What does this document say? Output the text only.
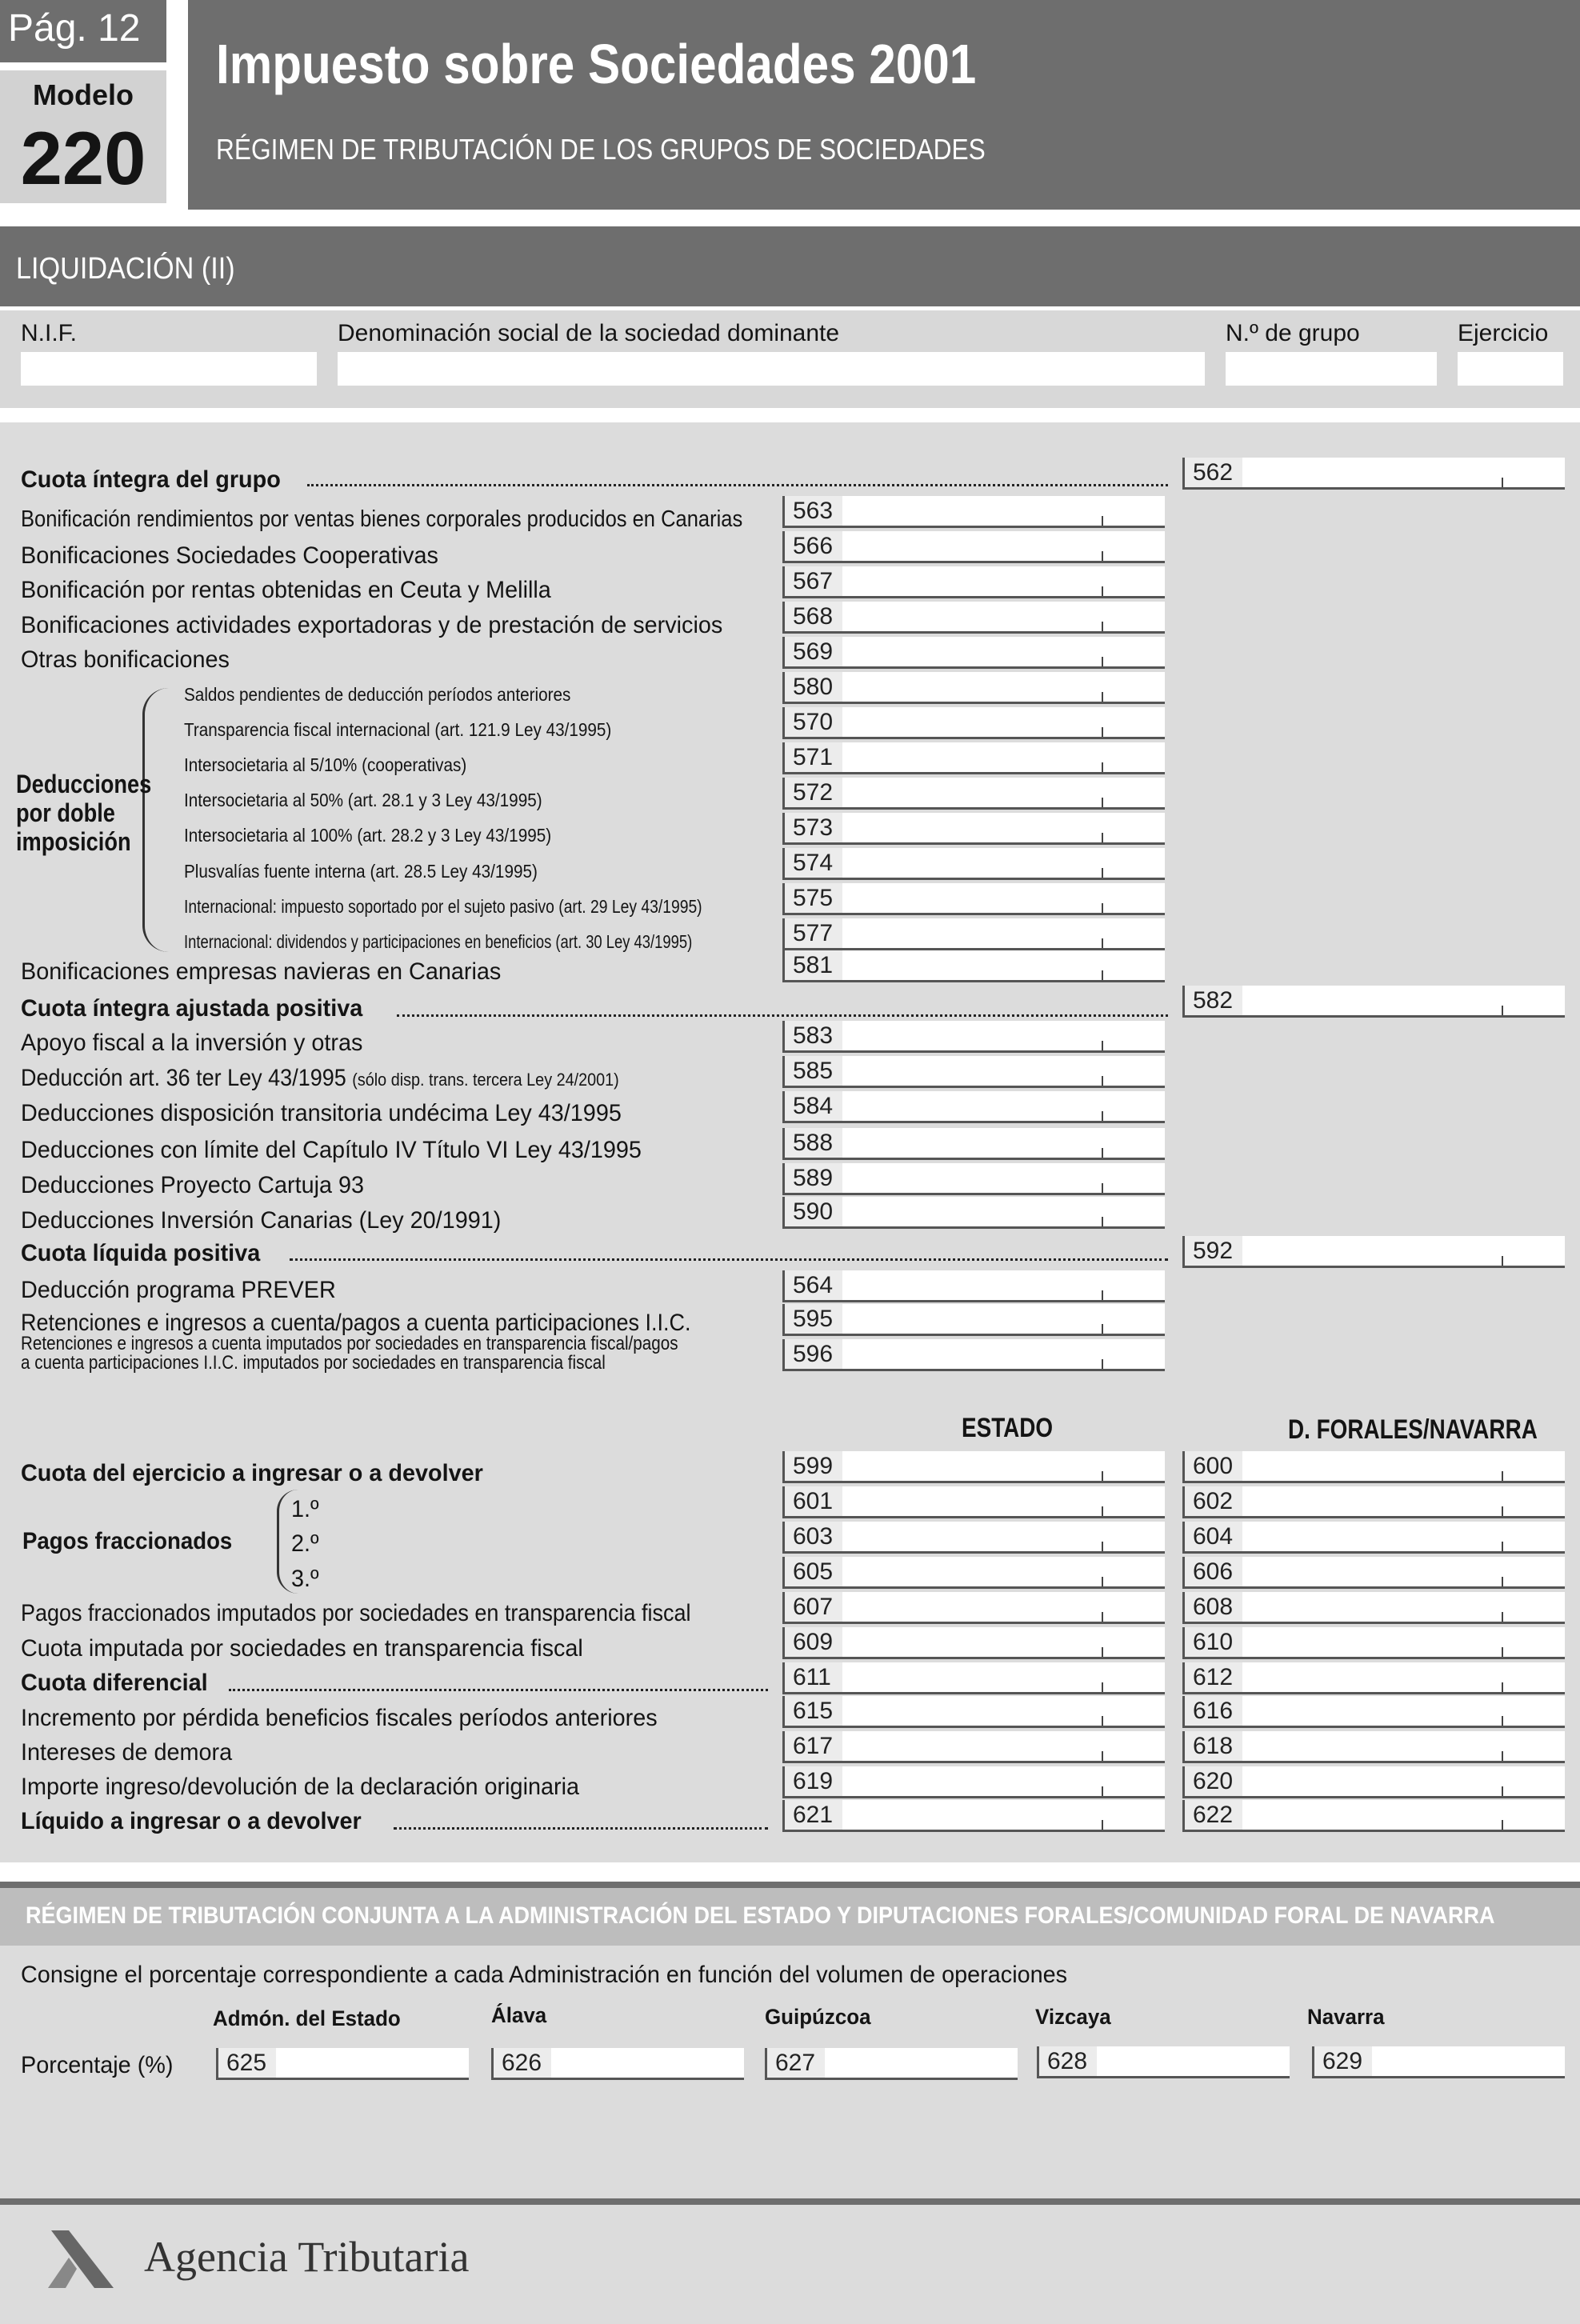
Pág. 12
Modelo
220
Impuesto sobre Sociedades 2001
RÉGIMEN DE TRIBUTACIÓN DE LOS GRUPOS DE SOCIEDADES
LIQUIDACIÓN (II)
N.I.F.	Denominación social de la sociedad dominante	N.º de grupo	Ejercicio
Cuota íntegra del grupo	562
Bonificación rendimientos por ventas bienes corporales producidos en Canarias	563
Bonificaciones Sociedades Cooperativas	566
Bonificación por rentas obtenidas en Ceuta y Melilla	567
Bonificaciones actividades exportadoras y de prestación de servicios	568
Otras bonificaciones	569
Deducciones
por doble
imposición
Saldos pendientes de deducción períodos anteriores	580
Transparencia fiscal internacional (art. 121.9 Ley 43/1995)	570
Intersocietaria al 5/10% (cooperativas)	571
Intersocietaria al 50% (art. 28.1 y 3 Ley 43/1995)	572
Intersocietaria al 100% (art. 28.2 y 3 Ley 43/1995)	573
Plusvalías fuente interna (art. 28.5 Ley 43/1995)	574
Internacional: impuesto soportado por el sujeto pasivo (art. 29 Ley 43/1995)	575
Internacional: dividendos y participaciones en beneficios (art. 30 Ley 43/1995)	577
Bonificaciones empresas navieras en Canarias	581
Cuota íntegra ajustada positiva	582
Apoyo fiscal a la inversión y otras	583
Deducción art. 36 ter Ley 43/1995 (sólo disp. trans. tercera Ley 24/2001)	585
Deducciones disposición transitoria undécima Ley 43/1995	584
Deducciones con límite del Capítulo IV Título VI Ley 43/1995	588
Deducciones Proyecto Cartuja 93	589
Deducciones Inversión Canarias (Ley 20/1991)	590
Cuota líquida positiva	592
Deducción programa PREVER	564
Retenciones e ingresos a cuenta/pagos a cuenta participaciones I.I.C.	595
Retenciones e ingresos a cuenta imputados por sociedades en transparencia fiscal/pagos
a cuenta participaciones I.I.C. imputados por sociedades en transparencia fiscal	596
ESTADO	D. FORALES/NAVARRA
Cuota del ejercicio a ingresar o a devolver	599	600
Pagos fraccionados
1.º	601	602
2.º	603	604
3.º	605	606
Pagos fraccionados imputados por sociedades en transparencia fiscal	607	608
Cuota imputada por sociedades en transparencia fiscal	609	610
Cuota diferencial	611	612
Incremento por pérdida beneficios fiscales períodos anteriores	615	616
Intereses de demora	617	618
Importe ingreso/devolución de la declaración originaria	619	620
Líquido a ingresar o a devolver	621	622
RÉGIMEN DE TRIBUTACIÓN CONJUNTA A LA ADMINISTRACIÓN DEL ESTADO Y DIPUTACIONES FORALES/COMUNIDAD FORAL DE NAVARRA
Consigne el porcentaje correspondiente a cada Administración en función del volumen de operaciones
Admón. del Estado	Álava	Guipúzcoa	Vizcaya	Navarra
Porcentaje (%)	625	626	627	628	629
Agencia Tributaria
